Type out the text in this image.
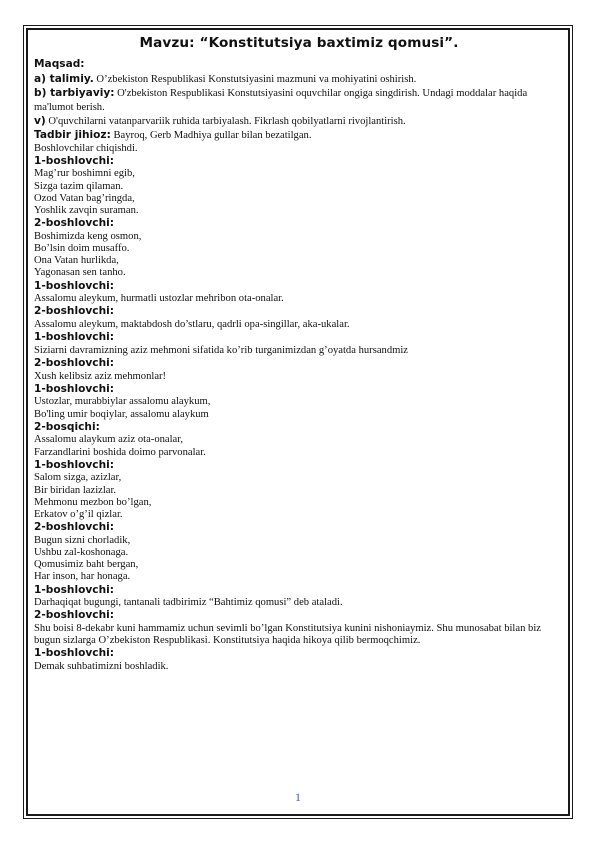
Mavzu: “Konstitutsiya baxtimiz qomusi”.

Maqsad:

a) talimiy. O’zbekiston Respublikasi Konstutsiyasini mazmuni va mohiyatini oshirish.

b) tarbiyaviy: O'zbekiston Respublikasi Konstutsiyasini oquvchilar ongiga singdirish. Undagi moddalar haqida ma'lumot berish.

v) O'quvchilarni vatanparvariik ruhida tarbiyalash. Fikrlash qobilyatlarni rivojlantirish.

Tadbir jihioz: Bayroq, Gerb Madhiya gullar bilan bezatilgan.

Boshlovchilar chiqishdi.

1-boshlovchi:

Mag’rur boshimni egib,

Sizga tazim qilaman.

Ozod Vatan bag’ringda,

Yoshlik zavqin suraman.

2-boshlovchi:

Boshimizda keng osmon,

Bo’lsin doim musaffo.

Ona Vatan hurlikda,

Yagonasan sen tanho.

1-boshlovchi:

Assalomu aleykum, hurmatli ustozlar mehribon ota-onalar.

2-boshlovchi:

Assalomu aleykum, maktabdosh do’stlaru, qadrli opa-singillar, aka-ukalar.

1-boshlovchi:

Siziarni davramizning aziz mehmoni sifatida ko’rib turganimizdan g’oyatda hursandmiz

2-boshlovchi:

Xush kelibsiz aziz mehmonlar!

1-boshlovchi:

Ustozlar, murabbiylar assalomu alaykum,

Bo'ling umir boqiylar, assalomu alaykum

2-bosqichi:

Assalomu alaykum aziz ota-onalar,

Farzandlarini boshida doimo parvonalar.

1-boshlovchi:

Salom sizga, azizlar,

Bir biridan lazizlar.

Mehmonu mezbon bo’lgan,

Erkatov o’g’il qizlar.

2-boshlovchi:

Bugun sizni chorladik,

Ushbu zal-koshonaga.

Qomusimiz baht bergan,

Har inson, har honaga.

1-boshlovchi:

Darhaqiqat bugungi, tantanali tadbirimiz “Bahtimiz qomusi” deb ataladi.

2-boshlovchi:

Shu boisi 8-dekabr kuni hammamiz uchun sevimli bo’lgan Konstitutsiya kunini nishoniaymiz. Shu munosabat bilan biz bugun sizlarga O’zbekiston Respublikasi. Konstitutsiya haqida hikoya qilib bermoqchimiz.

1-boshlovchi:

Demak suhbatimizni boshladik.

1
